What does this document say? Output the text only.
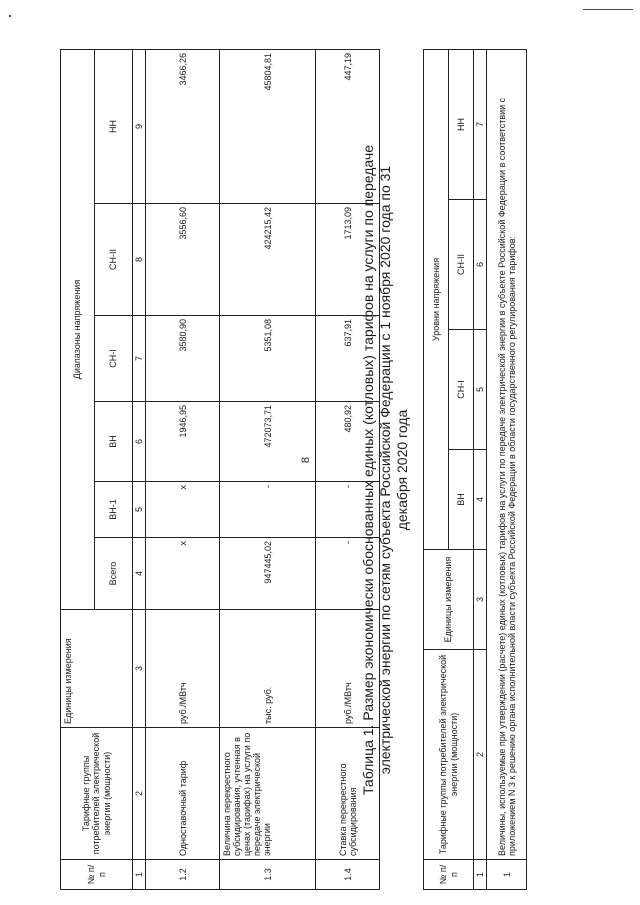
8
№ п/п	Тарифные группы потребителей электрической энергии (мощности)	Единицы измерения	Диапазоны напряжения					
			Всего	ВН-1	ВН	СН-I	СН-II	НН
1	2	3	4	5	6	7	8	9
1.2	Одноставочный тариф	руб./МВтч	х	х	1946,95	3580,90	3556,60	3466,26
1.3	Величина перекрестного субсидирования, учтенная в ценах (тарифах) на услуги по передаче электрической энергии	тыс. руб.	947445,02	-	472073,71	5351,08	424215,42	45804,81
1.4	Ставка перекрестного субсидирования	руб./МВтч	-	-	480,92	637,91	1713,09	447,19
Таблица 1. Размер экономически обоснованных единых (котловых) тарифов на услуги по передаче электрической энергии по сетям субъекта Российской Федерации с 1 ноября 2020 года по 31 декабря 2020 года
№ п/п	Тарифные группы потребителей электрической энергии (мощности)	Единицы измерения	Уровни напряжения			
			ВН	СН-I	СН-II	НН
1	2	3	4	5	6	7
1	Величины, используемые при утверждении (расчете) единых (котловых) тарифов на услуги по передаче электрической энергии в субъекте Российской Федерации в соответствии с приложением N 3 к решению органа исполнительной власти субъекта Российской Федерации в области государственного регулирования тарифов:					
